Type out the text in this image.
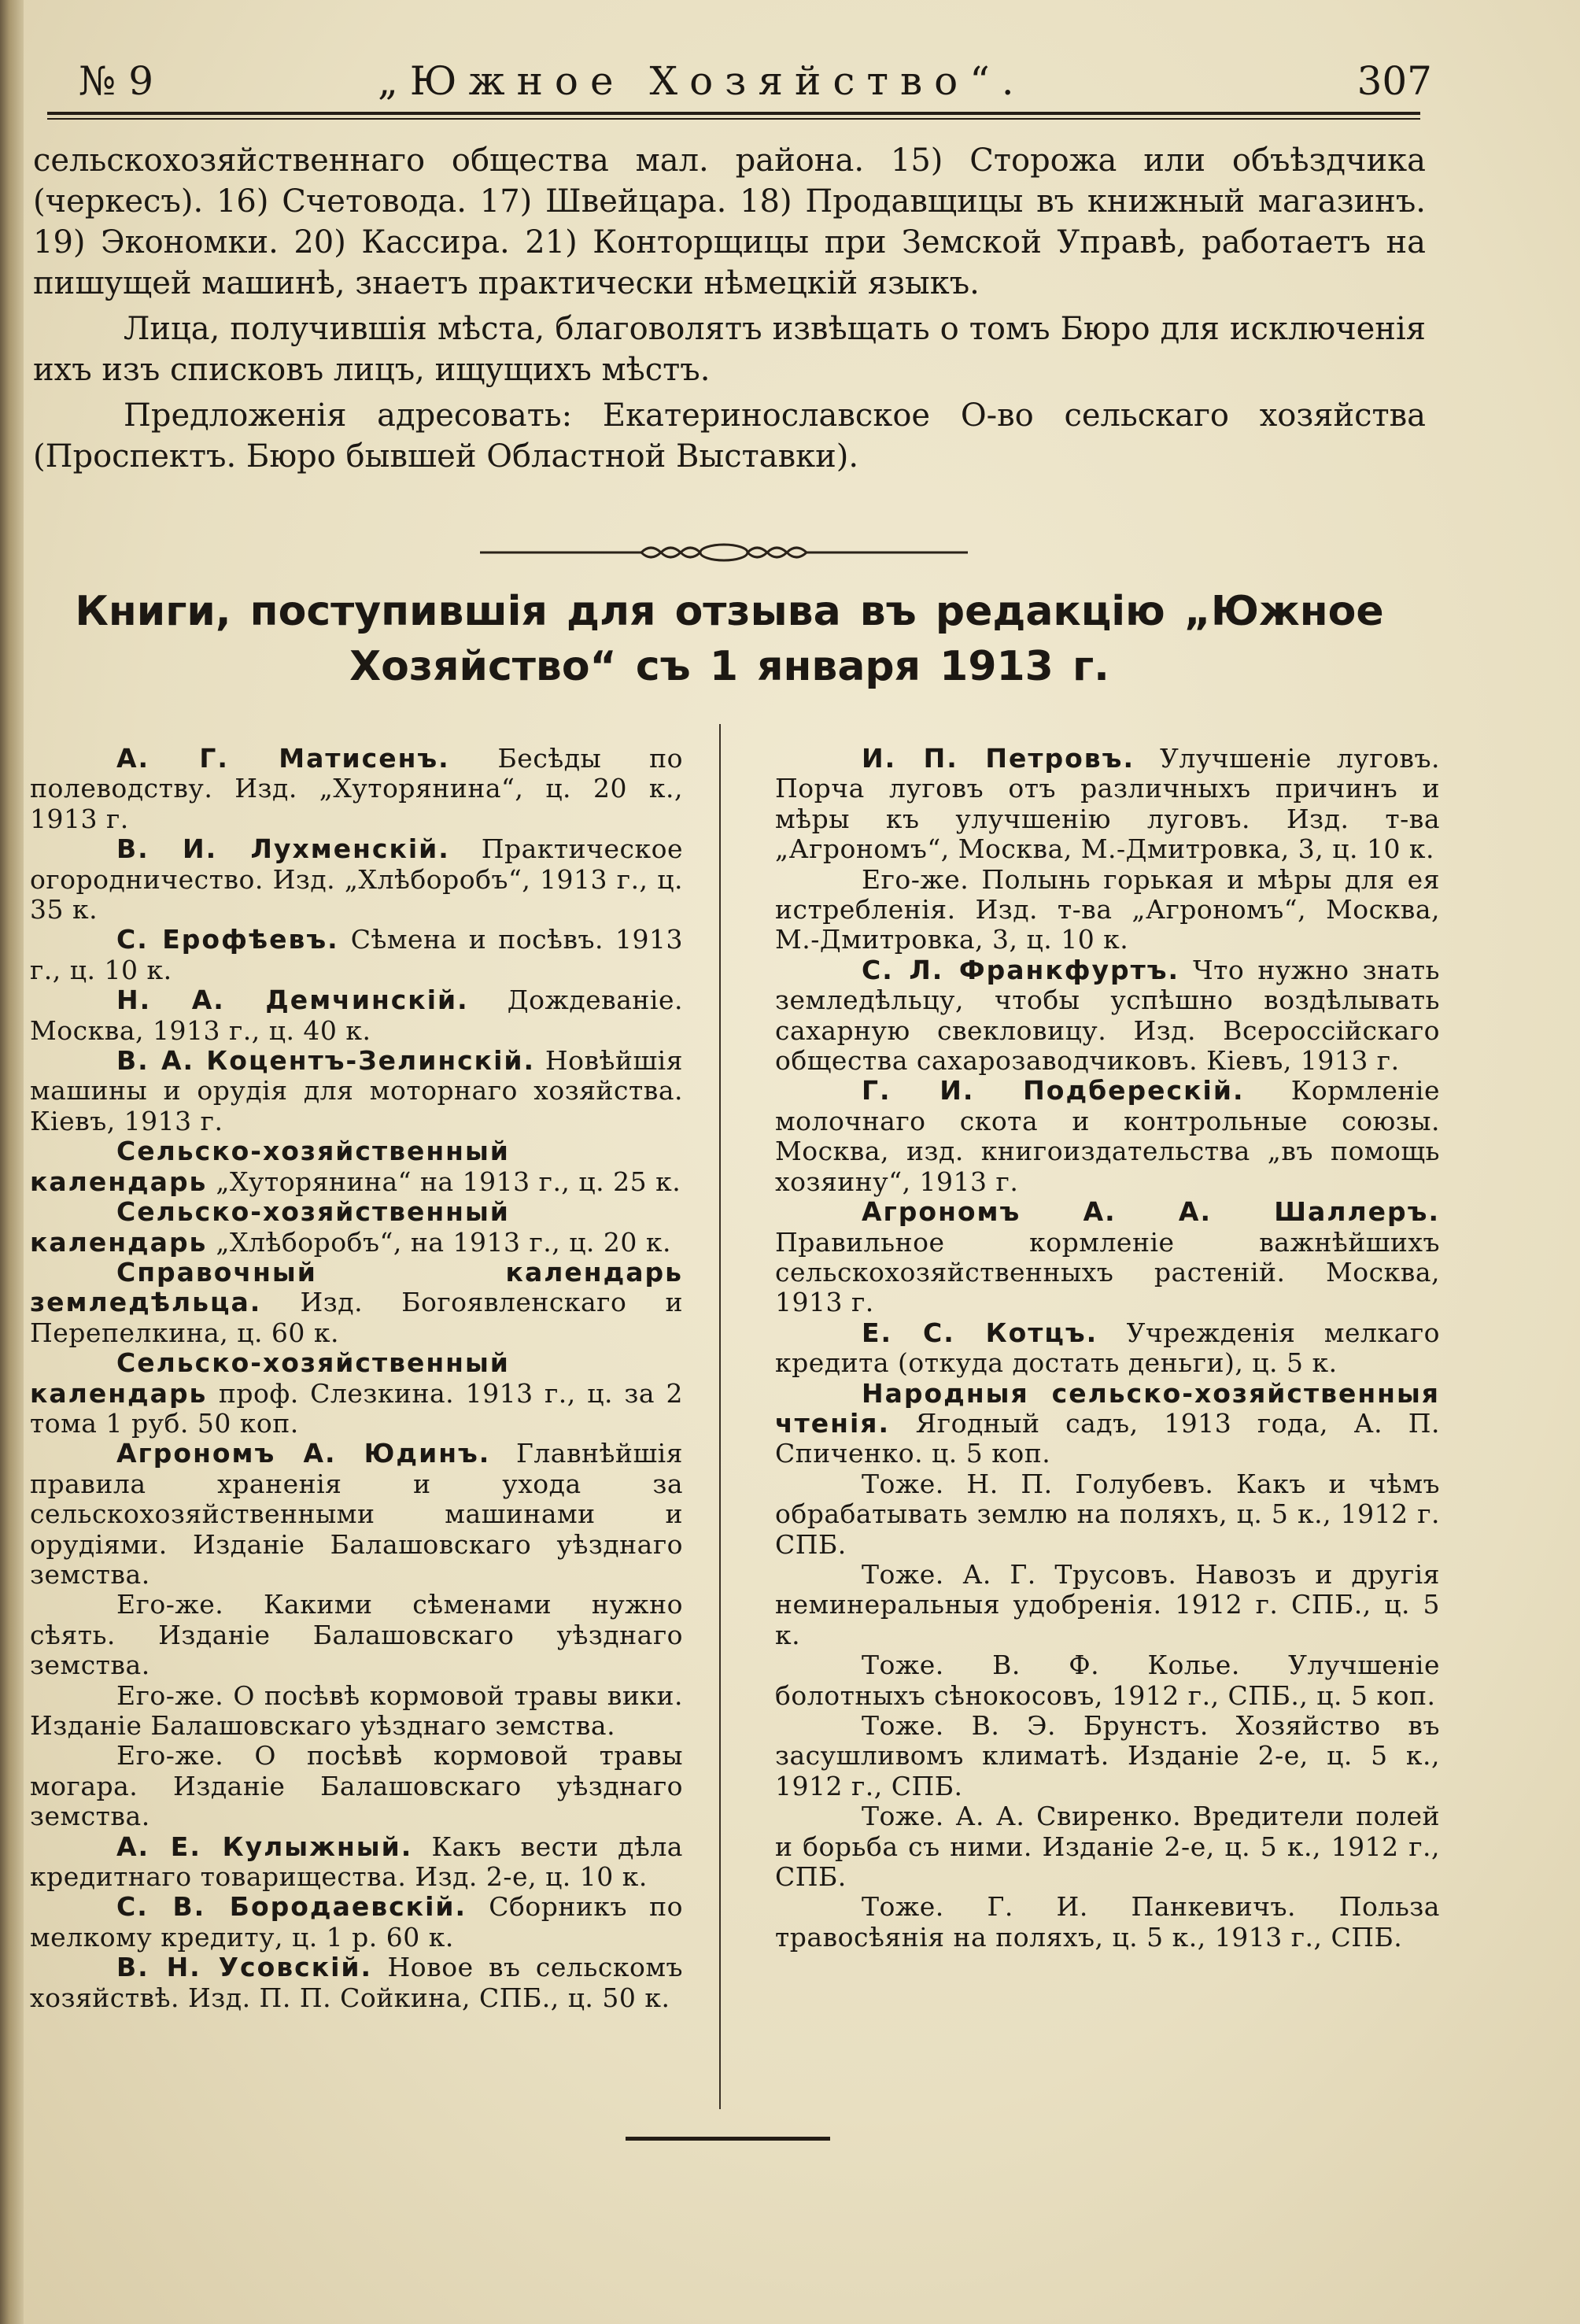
№ 9	„Южное Хозяйство“.	307

сельскохозяйственнаго общества мал. района. 15) Сторожа или объѣздчика (черкесъ). 16) Счетовода. 17) Швейцара. 18) Продавщицы въ книжный магазинъ. 19) Экономки. 20) Кассира. 21) Конторщицы при Земской Управѣ, работаетъ на пишущей машинѣ, знаетъ практически нѣмецкій языкъ.

Лица, получившія мѣста, благоволятъ извѣщать о томъ Бюро для исключенія ихъ изъ списковъ лицъ, ищущихъ мѣстъ.

Предложенія адресовать: Екатеринославское О-во сельскаго хозяйства (Проспектъ. Бюро бывшей Областной Выставки).

Книги, поступившія для отзыва въ редакцію „Южное
Хозяйство“ съ 1 января 1913 г.

А. Г. Матисенъ. Бесѣды по полеводству. Изд. „Хуторянина“, ц. 20 к., 1913 г.

В. И. Лухменскій. Практическое огородничество. Изд. „Хлѣборобъ“, 1913 г., ц. 35 к.

С. Ерофѣевъ. Сѣмена и посѣвъ. 1913 г., ц. 10 к.

Н. А. Демчинскій. Дождеваніе. Москва, 1913 г., ц. 40 к.

В. А. Коцентъ-Зелинскій. Новѣйшія машины и орудія для моторнаго хозяйства. Кіевъ, 1913 г.

Сельско-хозяйственный календарь „Хуторянина“ на 1913 г., ц. 25 к.

Сельско-хозяйственный календарь „Хлѣборобъ“, на 1913 г., ц. 20 к.

Справочный календарь земледѣльца. Изд. Богоявленскаго и Перепелкина, ц. 60 к.

Сельско-хозяйственный календарь проф. Слезкина. 1913 г., ц. за 2 тома 1 руб. 50 коп.

Агрономъ А. Юдинъ. Главнѣйшія правила храненія и ухода за сельскохозяйственными машинами и орудіями. Изданіе Балашовскаго уѣзднаго земства.

Его-же. Какими сѣменами нужно сѣять. Изданіе Балашовскаго уѣзднаго земства.

Его-же. О посѣвѣ кормовой травы вики. Изданіе Балашовскаго уѣзднаго земства.

Его-же. О посѣвѣ кормовой травы могара. Изданіе Балашовскаго уѣзднаго земства.

А. Е. Кулыжный. Какъ вести дѣла кредитнаго товарищества. Изд. 2-е, ц. 10 к.

С. В. Бородаевскій. Сборникъ по мелкому кредиту, ц. 1 р. 60 к.

В. Н. Усовскій. Новое въ сельскомъ хозяйствѣ. Изд. П. П. Сойкина, СПБ., ц. 50 к.

И. П. Петровъ. Улучшеніе луговъ. Порча луговъ отъ различныхъ причинъ и мѣры къ улучшенію луговъ. Изд. т-ва „Агрономъ“, Москва, М.-Дмитровка, 3, ц. 10 к.

Его-же. Полынь горькая и мѣры для ея истребленія. Изд. т-ва „Агрономъ“, Москва, М.-Дмитровка, 3, ц. 10 к.

С. Л. Франкфуртъ. Что нужно знать земледѣльцу, чтобы успѣшно воздѣлывать сахарную свекловицу. Изд. Всероссійскаго общества сахарозаводчиковъ. Кіевъ, 1913 г.

Г. И. Подберескій. Кормленіе молочнаго скота и контрольные союзы. Москва, изд. книгоиздательства „въ помощь хозяину“, 1913 г.

Агрономъ А. А. Шаллеръ. Правильное кормленіе важнѣйшихъ сельскохозяйственныхъ растеній. Москва, 1913 г.

Е. С. Котцъ. Учрежденія мелкаго кредита (откуда достать деньги), ц. 5 к.

Народныя сельско-хозяйственныя чтенія. Ягодный садъ, 1913 года, А. П. Спиченко. ц. 5 коп.

Тоже. Н. П. Голубевъ. Какъ и чѣмъ обрабатывать землю на поляхъ, ц. 5 к., 1912 г. СПБ.

Тоже. А. Г. Трусовъ. Навозъ и другія неминеральныя удобренія. 1912 г. СПБ., ц. 5 к.

Тоже. В. Ф. Колье. Улучшеніе болотныхъ сѣнокосовъ, 1912 г., СПБ., ц. 5 коп.

Тоже. В. Э. Брунстъ. Хозяйство въ засушливомъ климатѣ. Изданіе 2-е, ц. 5 к., 1912 г., СПБ.

Тоже. А. А. Свиренко. Вредители полей и борьба съ ними. Изданіе 2-е, ц. 5 к., 1912 г., СПБ.

Тоже. Г. И. Панкевичъ. Польза травосѣянія на поляхъ, ц. 5 к., 1913 г., СПБ.
